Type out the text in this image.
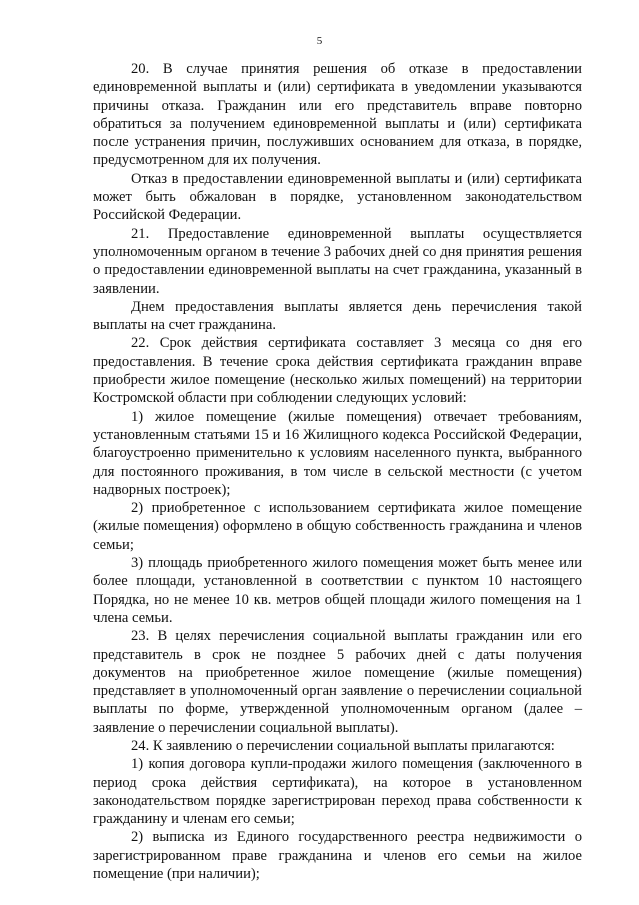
5

20. В случае принятия решения об отказе в предоставлении единовременной выплаты и (или) сертификата в уведомлении указываются причины отказа. Гражданин или его представитель вправе повторно обратиться за получением единовременной выплаты и (или) сертификата после устранения причин, послуживших основанием для отказа, в порядке, предусмотренном для их получения.

Отказ в предоставлении единовременной выплаты и (или) сертификата может быть обжалован в порядке, установленном законодательством Российской Федерации.

21. Предоставление единовременной выплаты осуществляется уполномоченным органом в течение 3 рабочих дней со дня принятия решения о предоставлении единовременной выплаты на счет гражданина, указанный в заявлении.

Днем предоставления выплаты является день перечисления такой выплаты на счет гражданина.

22. Срок действия сертификата составляет 3 месяца со дня его предоставления. В течение срока действия сертификата гражданин вправе приобрести жилое помещение (несколько жилых помещений) на территории Костромской области при соблюдении следующих условий:

1) жилое помещение (жилые помещения) отвечает требованиям, установленным статьями 15 и 16 Жилищного кодекса Российской Федерации, благоустроенно применительно к условиям населенного пункта, выбранного для постоянного проживания, в том числе в сельской местности (с учетом надворных построек);

2) приобретенное с использованием сертификата жилое помещение (жилые помещения) оформлено в общую собственность гражданина и членов семьи;

3) площадь приобретенного жилого помещения может быть менее или более площади, установленной в соответствии с пунктом 10 настоящего Порядка, но не менее 10 кв. метров общей площади жилого помещения на 1 члена семьи.

23. В целях перечисления социальной выплаты гражданин или его представитель в срок не позднее 5 рабочих дней с даты получения документов на приобретенное жилое помещение (жилые помещения) представляет в уполномоченный орган заявление о перечислении социальной выплаты по форме, утвержденной уполномоченным органом (далее – заявление о перечислении социальной выплаты).

24. К заявлению о перечислении социальной выплаты прилагаются:

1) копия договора купли-продажи жилого помещения (заключенного в период срока действия сертификата), на которое в установленном законодательством порядке зарегистрирован переход права собственности к гражданину и членам его семьи;

2) выписка из Единого государственного реестра недвижимости о зарегистрированном праве гражданина и членов его семьи на жилое помещение (при наличии);
